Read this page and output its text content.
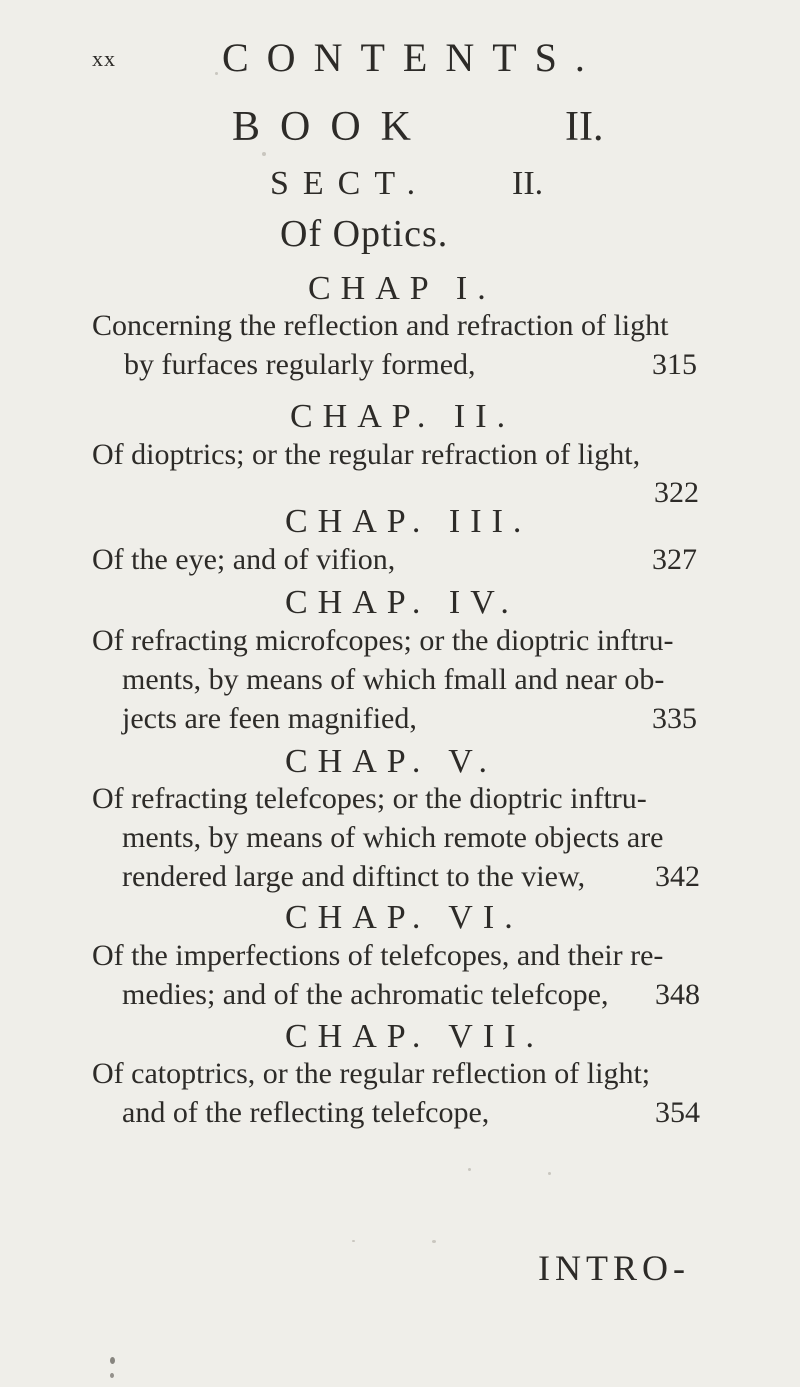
xx	CONTENTS.
BOOK	II.
SECT. II.
Of Optics.
CHAP I.
Concerning the reflection and refraction of light
by furfaces regularly formed,	315
CHAP. II.
Of dioptrics; or the regular refraction of light,
322
CHAP. III.
Of the eye; and of vifion,	327
CHAP. IV.
Of refracting microfcopes; or the dioptric inftru-
ments, by means of which fmall and near ob-
jects are feen magnified,	335
CHAP. V.
Of refracting telefcopes; or the dioptric inftru-
ments, by means of which remote objects are
rendered large and diftinct to the view, 342
CHAP. VI.
Of the imperfections of telefcopes, and their re-
medies; and of the achromatic telefcope, 348
CHAP. VII.
Of catoptrics, or the regular reflection of light;
and of the reflecting telefcope,	354
INTRO-
